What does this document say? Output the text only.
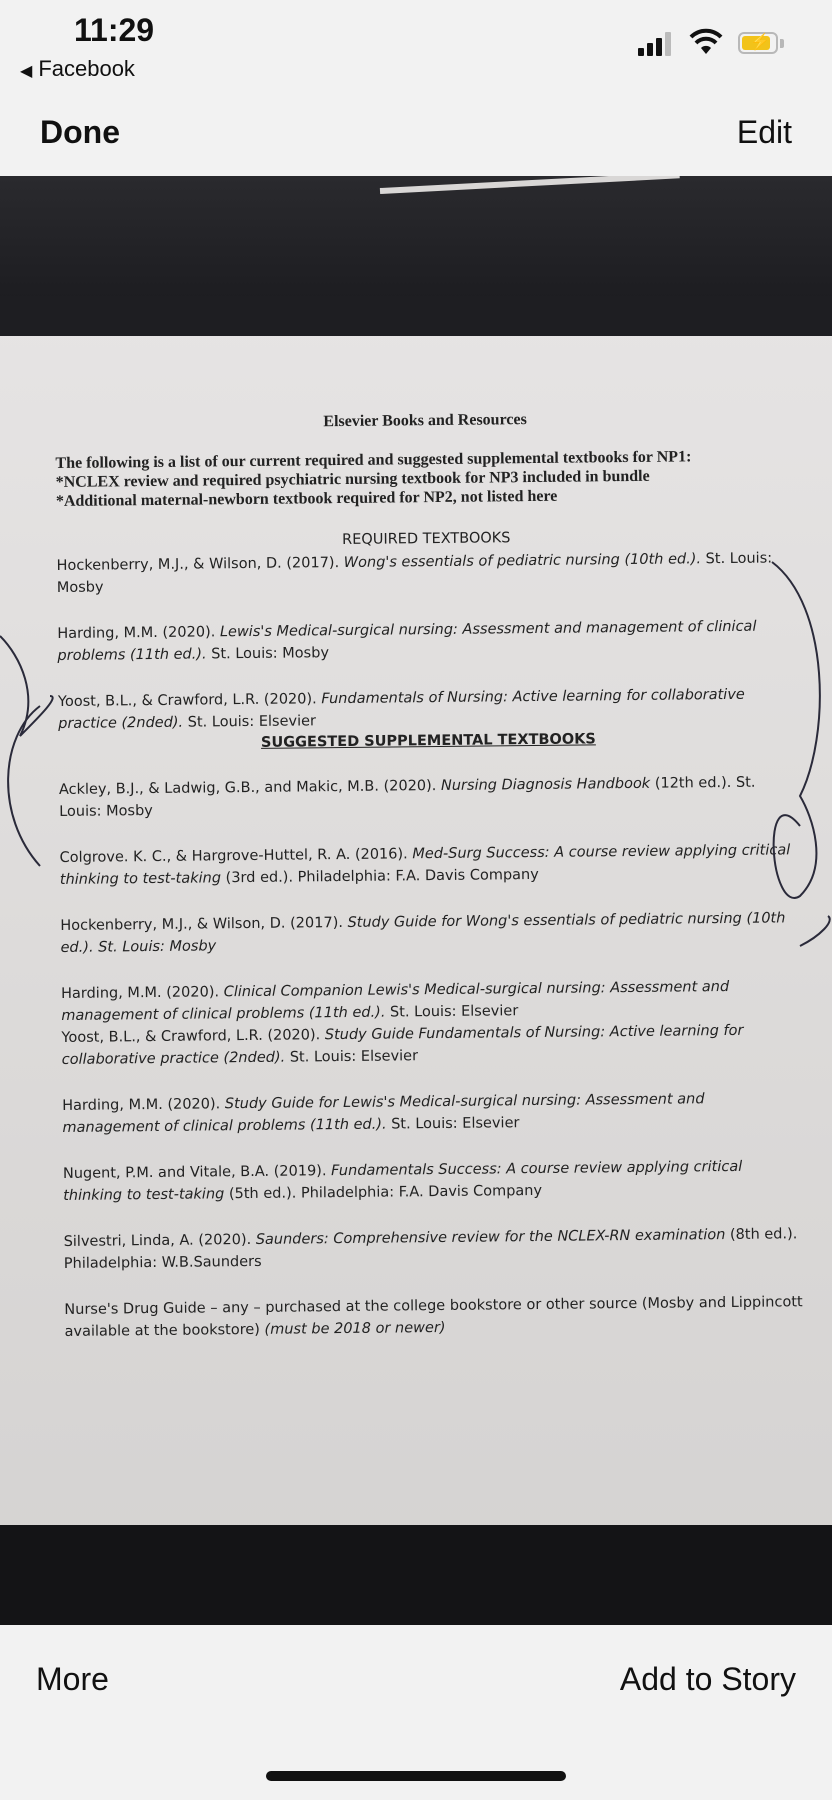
11:29
◀ Facebook
⚡
Done	Edit
Elsevier Books and Resources
The following is a list of our current required and suggested supplemental textbooks for NP1:
*NCLEX review and required psychiatric nursing textbook for NP3 included in bundle
*Additional maternal-newborn textbook required for NP2, not listed here
REQUIRED TEXTBOOKS
Hockenberry, M.J., & Wilson, D. (2017). Wong's essentials of pediatric nursing (10th ed.). St. Louis: Mosby
Harding, M.M. (2020). Lewis's Medical-surgical nursing: Assessment and management of clinical problems (11th ed.). St. Louis: Mosby
Yoost, B.L., & Crawford, L.R. (2020). Fundamentals of Nursing: Active learning for collaborative practice (2nded). St. Louis: Elsevier
SUGGESTED SUPPLEMENTAL TEXTBOOKS
Ackley, B.J., & Ladwig, G.B., and Makic, M.B. (2020). Nursing Diagnosis Handbook (12th ed.). St. Louis: Mosby
Colgrove. K. C., & Hargrove-Huttel, R. A. (2016). Med-Surg Success: A course review applying critical thinking to test-taking (3rd ed.). Philadelphia: F.A. Davis Company
Hockenberry, M.J., & Wilson, D. (2017). Study Guide for Wong's essentials of pediatric nursing (10th ed.). St. Louis: Mosby
Harding, M.M. (2020). Clinical Companion Lewis's Medical-surgical nursing: Assessment and management of clinical problems (11th ed.). St. Louis: Elsevier
Yoost, B.L., & Crawford, L.R. (2020). Study Guide Fundamentals of Nursing: Active learning for collaborative practice (2nded). St. Louis: Elsevier
Harding, M.M. (2020). Study Guide for Lewis's Medical-surgical nursing: Assessment and management of clinical problems (11th ed.). St. Louis: Elsevier
Nugent, P.M. and Vitale, B.A. (2019). Fundamentals Success: A course review applying critical thinking to test-taking (5th ed.). Philadelphia: F.A. Davis Company
Silvestri, Linda, A. (2020). Saunders: Comprehensive review for the NCLEX-RN examination (8th ed.). Philadelphia: W.B.Saunders
Nurse's Drug Guide – any – purchased at the college bookstore or other source (Mosby and Lippincott available at the bookstore) (must be 2018 or newer)
More	Add to Story
